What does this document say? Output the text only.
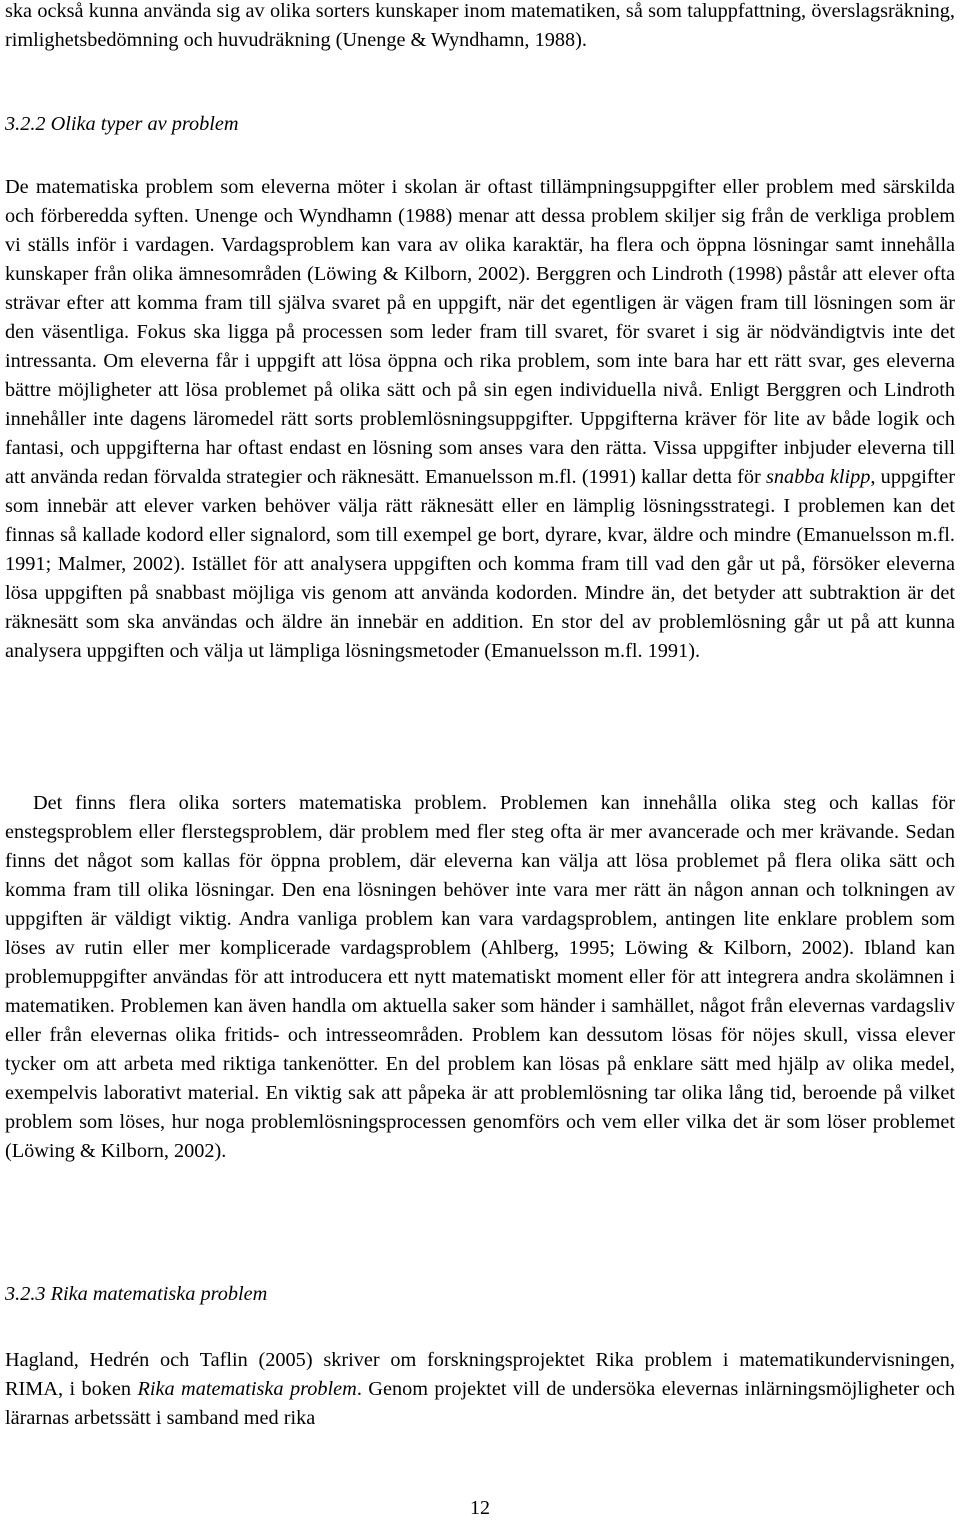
ska också kunna använda sig av olika sorters kunskaper inom matematiken, så som taluppfattning, överslagsräkning, rimlighetsbedömning och huvudräkning (Unenge & Wyndhamn, 1988).

3.2.2 Olika typer av problem

De matematiska problem som eleverna möter i skolan är oftast tillämpningsuppgifter eller problem med särskilda och förberedda syften. Unenge och Wyndhamn (1988) menar att dessa problem skiljer sig från de verkliga problem vi ställs inför i vardagen. Vardagsproblem kan vara av olika karaktär, ha flera och öppna lösningar samt innehålla kunskaper från olika ämnesområden (Löwing & Kilborn, 2002). Berggren och Lindroth (1998) påstår att elever ofta strävar efter att komma fram till själva svaret på en uppgift, när det egentligen är vägen fram till lösningen som är den väsentliga. Fokus ska ligga på processen som leder fram till svaret, för svaret i sig är nödvändigtvis inte det intressanta. Om eleverna får i uppgift att lösa öppna och rika problem, som inte bara har ett rätt svar, ges eleverna bättre möjligheter att lösa problemet på olika sätt och på sin egen individuella nivå. Enligt Berggren och Lindroth innehåller inte dagens läromedel rätt sorts problemlösningsuppgifter. Uppgifterna kräver för lite av både logik och fantasi, och uppgifterna har oftast endast en lösning som anses vara den rätta. Vissa uppgifter inbjuder eleverna till att använda redan förvalda strategier och räknesätt. Emanuelsson m.fl. (1991) kallar detta för snabba klipp, uppgifter som innebär att elever varken behöver välja rätt räknesätt eller en lämplig lösningsstrategi. I problemen kan det finnas så kallade kodord eller signalord, som till exempel ge bort, dyrare, kvar, äldre och mindre (Emanuelsson m.fl. 1991; Malmer, 2002). Istället för att analysera uppgiften och komma fram till vad den går ut på, försöker eleverna lösa uppgiften på snabbast möjliga vis genom att använda kodorden. Mindre än, det betyder att subtraktion är det räknesätt som ska användas och äldre än innebär en addition. En stor del av problemlösning går ut på att kunna analysera uppgiften och välja ut lämpliga lösningsmetoder (Emanuelsson m.fl. 1991).

Det finns flera olika sorters matematiska problem. Problemen kan innehålla olika steg och kallas för enstegsproblem eller flerstegsproblem, där problem med fler steg ofta är mer avancerade och mer krävande. Sedan finns det något som kallas för öppna problem, där eleverna kan välja att lösa problemet på flera olika sätt och komma fram till olika lösningar. Den ena lösningen behöver inte vara mer rätt än någon annan och tolkningen av uppgiften är väldigt viktig. Andra vanliga problem kan vara vardagsproblem, antingen lite enklare problem som löses av rutin eller mer komplicerade vardagsproblem (Ahlberg, 1995; Löwing & Kilborn, 2002). Ibland kan problemuppgifter användas för att introducera ett nytt matematiskt moment eller för att integrera andra skolämnen i matematiken. Problemen kan även handla om aktuella saker som händer i samhället, något från elevernas vardagsliv eller från elevernas olika fritids- och intresseområden. Problem kan dessutom lösas för nöjes skull, vissa elever tycker om att arbeta med riktiga tankenötter. En del problem kan lösas på enklare sätt med hjälp av olika medel, exempelvis laborativt material. En viktig sak att påpeka är att problemlösning tar olika lång tid, beroende på vilket problem som löses, hur noga problemlösningsprocessen genomförs och vem eller vilka det är som löser problemet (Löwing & Kilborn, 2002).

3.2.3 Rika matematiska problem

Hagland, Hedrén och Taflin (2005) skriver om forskningsprojektet Rika problem i matematikundervisningen, RIMA, i boken Rika matematiska problem. Genom projektet vill de undersöka elevernas inlärningsmöjligheter och lärarnas arbetssätt i samband med rika

12
